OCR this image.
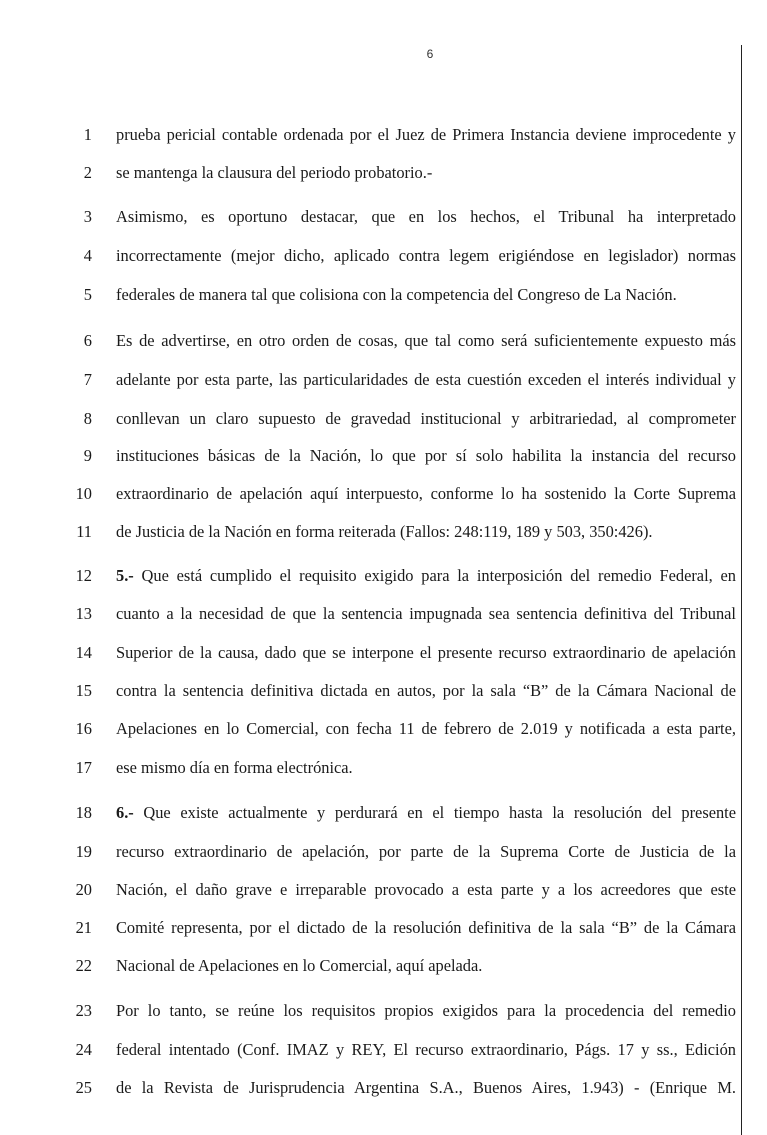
6
1 prueba pericial contable ordenada por el Juez de Primera Instancia deviene improcedente y
2 se mantenga la clausura del periodo probatorio.-
3 Asimismo, es oportuno destacar, que en los hechos, el Tribunal ha interpretado
4 incorrectamente (mejor dicho, aplicado contra legem erigiéndose en legislador) normas
5 federales de manera tal que colisiona con la competencia del Congreso de La Nación.
6 Es de advertirse, en otro orden de cosas, que tal como será suficientemente expuesto más
7 adelante por esta parte, las particularidades de esta cuestión exceden el interés individual y
8 conllevan un claro supuesto de gravedad institucional y arbitrariedad, al comprometer
9 instituciones básicas de la Nación, lo que por sí solo habilita la instancia del recurso
10 extraordinario de apelación aquí interpuesto, conforme lo ha sostenido la Corte Suprema
11 de Justicia de la Nación en forma reiterada (Fallos: 248:119, 189 y 503, 350:426).
12 5.- Que está cumplido el requisito exigido para la interposición del remedio Federal, en
13 cuanto a la necesidad de que la sentencia impugnada sea sentencia definitiva del Tribunal
14 Superior de la causa, dado que se interpone el presente recurso extraordinario de apelación
15 contra la sentencia definitiva dictada en autos, por la sala “B” de la Cámara Nacional de
16 Apelaciones en lo Comercial, con fecha 11 de febrero de 2.019 y notificada a esta parte,
17 ese mismo día en forma electrónica.
18 6.- Que existe actualmente y perdurará en el tiempo hasta la resolución del presente
19 recurso extraordinario de apelación, por parte de la Suprema Corte de Justicia de la
20 Nación, el daño grave e irreparable provocado a esta parte y a los acreedores que este
21 Comité representa, por el dictado de la resolución definitiva de la sala “B” de la Cámara
22 Nacional de Apelaciones en lo Comercial, aquí apelada.
23 Por lo tanto, se reúne los requisitos propios exigidos para la procedencia del remedio
24 federal intentado (Conf. IMAZ y REY, El recurso extraordinario, Págs. 17 y ss., Edición
25 de la Revista de Jurisprudencia Argentina S.A., Buenos Aires, 1.943) - (Enrique M.
